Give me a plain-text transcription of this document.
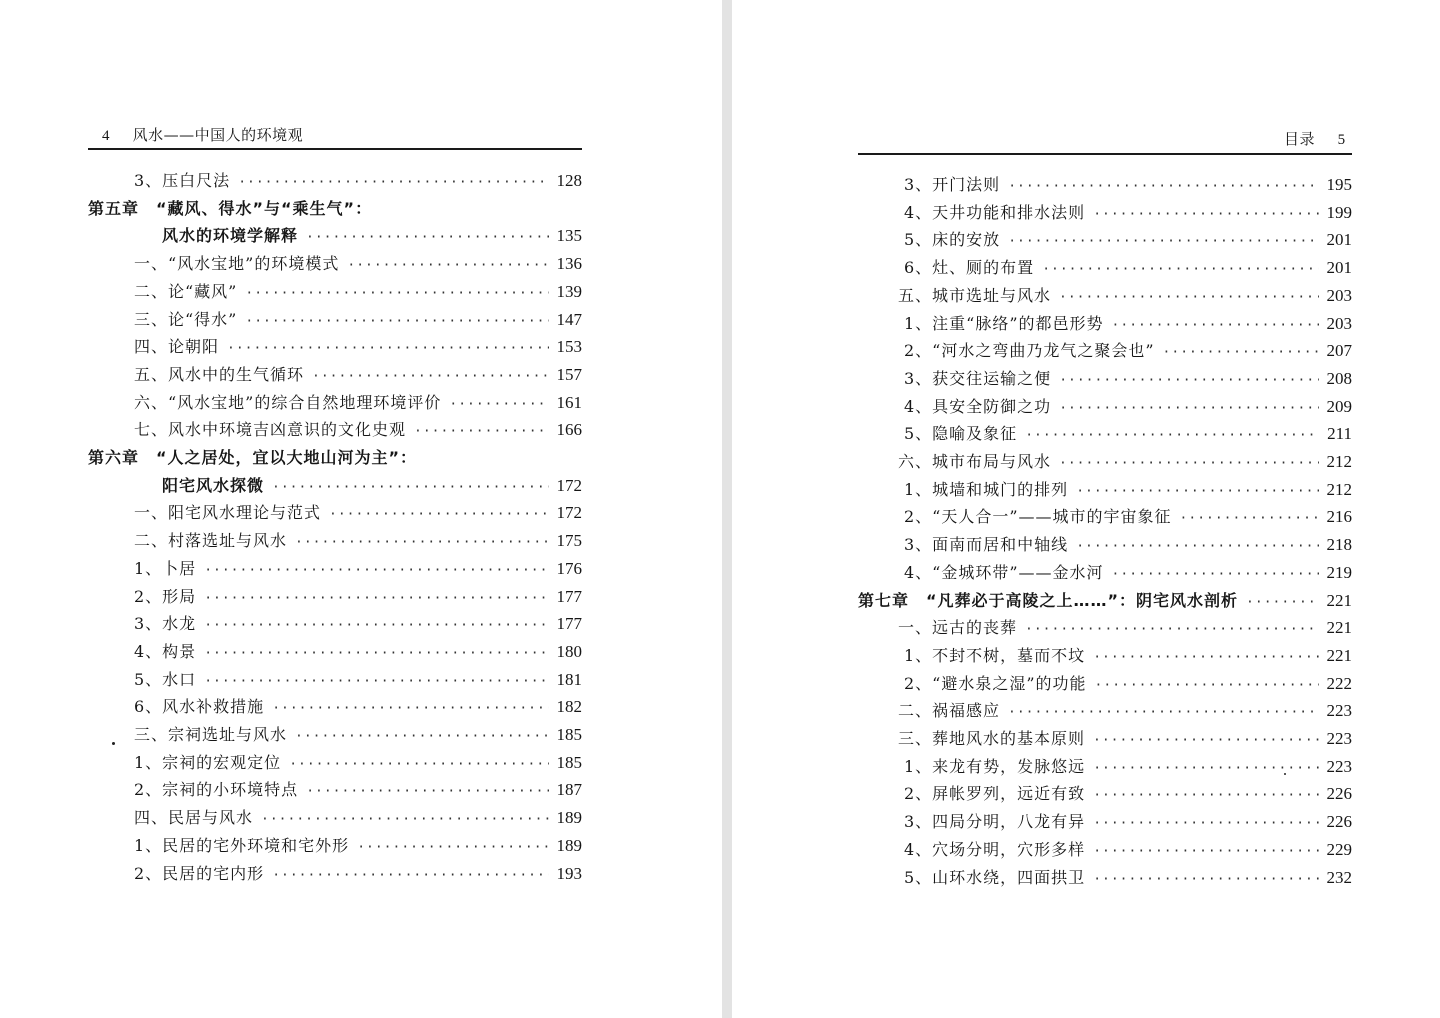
4 风水——中国人的环境观
3、压白尺法 ·····	128
第五章　“藏风、得水”与“乘生气”：
风水的环境学解释 ·····	135
一、“风水宝地”的环境模式 ·····	136
二、论“藏风” ·····	139
三、论“得水” ·····	147
四、论朝阳 ·····	153
五、风水中的生气循环 ·····	157
六、“风水宝地”的综合自然地理环境评价 ·····	161
七、风水中环境吉凶意识的文化史观 ·····	166
第六章　“人之居处，宜以大地山河为主”：
阳宅风水探微 ·····	172
一、阳宅风水理论与范式 ·····	172
二、村落选址与风水 ·····	175
1、卜居 ·····	176
2、形局 ·····	177
3、水龙 ·····	177
4、构景 ·····	180
5、水口 ·····	181
6、风水补救措施 ·····	182
三、宗祠选址与风水 ·····	185
1、宗祠的宏观定位 ·····	185
2、宗祠的小环境特点 ·····	187
四、民居与风水 ·····	189
1、民居的宅外环境和宅外形 ·····	189
2、民居的宅内形 ·····	193
目录 5
3、开门法则 ·····	195
4、天井功能和排水法则 ·····	199
5、床的安放 ·····	201
6、灶、厕的布置 ·····	201
五、城市选址与风水 ·····	203
1、注重“脉络”的都邑形势 ·····	203
2、“河水之弯曲乃龙气之聚会也” ·····	207
3、获交往运输之便 ·····	208
4、具安全防御之功 ·····	209
5、隐喻及象征 ·····	211
六、城市布局与风水 ·····	212
1、城墙和城门的排列 ·····	212
2、“天人合一”——城市的宇宙象征 ·····	216
3、面南而居和中轴线 ·····	218
4、“金城环带”——金水河 ·····	219
第七章　“凡葬必于高陵之上……”：阴宅风水剖析 ·····	221
一、远古的丧葬 ·····	221
1、不封不树，墓而不坟 ·····	221
2、“避水泉之湿”的功能 ·····	222
二、祸福感应 ·····	223
三、葬地风水的基本原则 ·····	223
1、来龙有势，发脉悠远 ·····	223
2、屏帐罗列，远近有致 ·····	226
3、四局分明，八龙有异 ·····	226
4、穴场分明，穴形多样 ·····	229
5、山环水绕，四面拱卫 ·····	232
